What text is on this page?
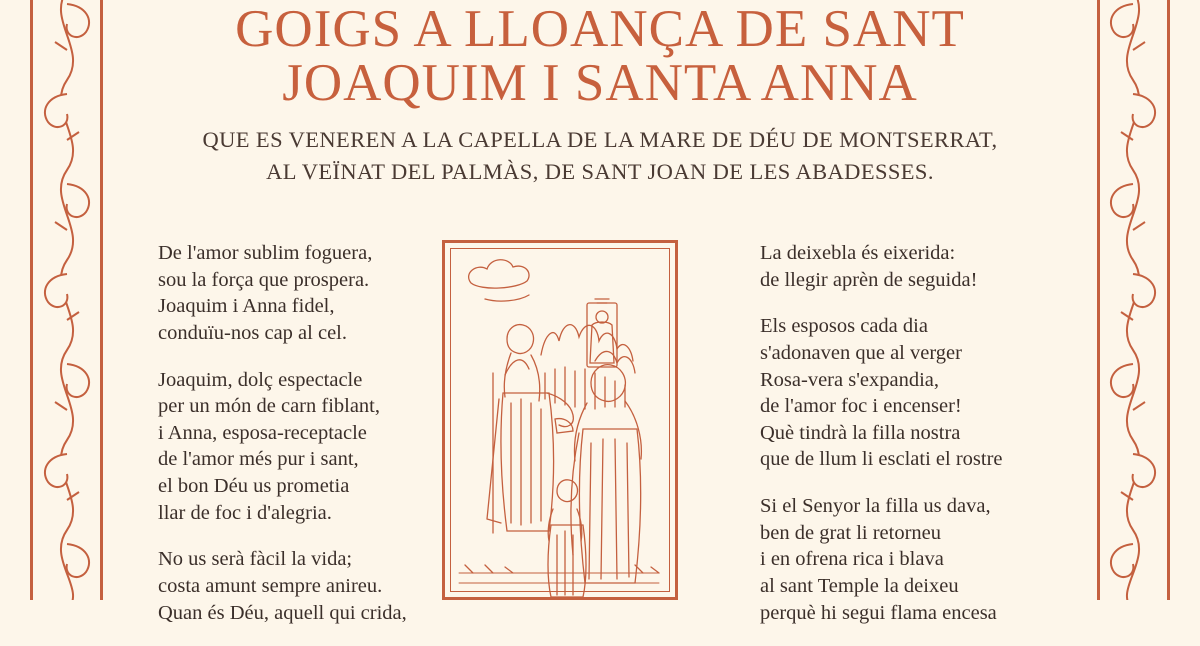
GOIGS A LLOANÇA DE SANT
JOAQUIM I SANTA ANNA
QUE ES VENEREN A LA CAPELLA DE LA MARE DE DÉU DE MONTSERRAT,
AL VEÏNAT DEL PALMÀS, DE SANT JOAN DE LES ABADESSES.
De l'amor sublim foguera,
sou la força que prospera.
Joaquim i Anna fidel,
conduïu-nos cap al cel.
Joaquim, dolç espectacle
per un món de carn fiblant,
i Anna, esposa-receptacle
de l'amor més pur i sant,
el bon Déu us prometia
llar de foc i d'alegria.
No us serà fàcil la vida;
costa amunt sempre anireu.
Quan és Déu, aquell qui crida,
La deixebla és eixerida:
de llegir aprèn de seguida!
Els esposos cada dia
s'adonaven que al verger
Rosa-vera s'expandia,
de l'amor foc i encenser!
Què tindrà la filla nostra
que de llum li esclati el rostre
Si el Senyor la filla us dava,
ben de grat li retorneu
i en ofrena rica i blava
al sant Temple la deixeu
perquè hi segui flama encesa
